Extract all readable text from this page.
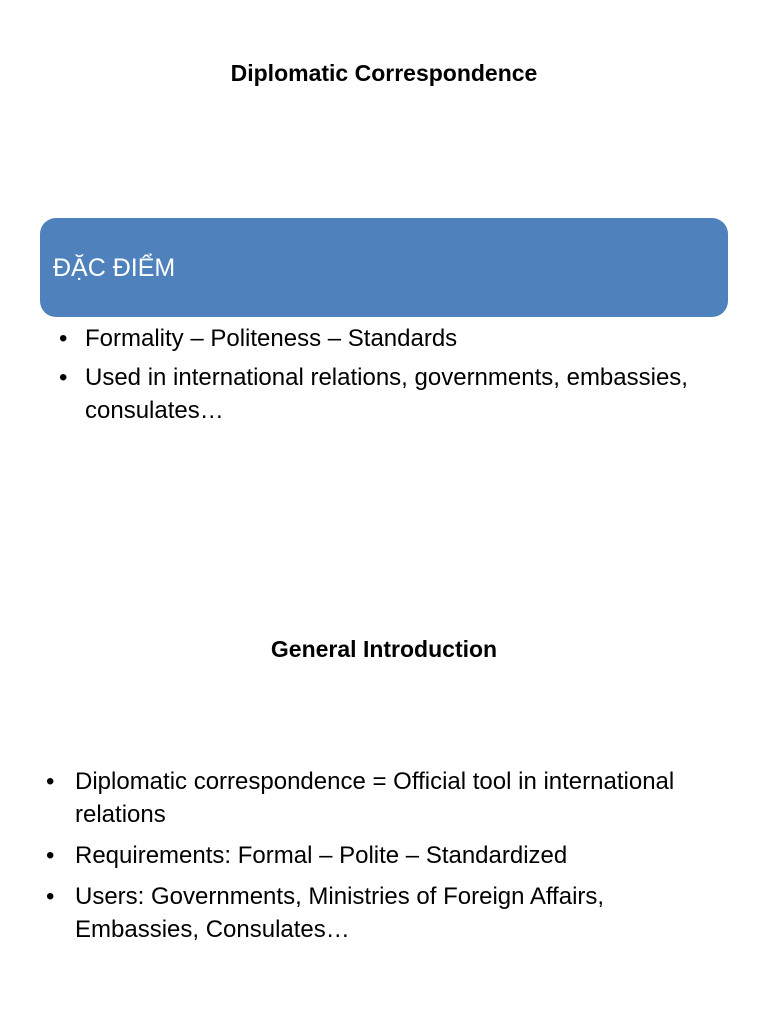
Diplomatic Correspondence
ĐẶC ĐIỂM
• Formality – Politeness – Standards
• Used in international relations, governments, embassies, consulates…
General Introduction
• Diplomatic correspondence = Official tool in international relations
• Requirements: Formal – Polite – Standardized
• Users: Governments, Ministries of Foreign Affairs, Embassies, Consulates…
